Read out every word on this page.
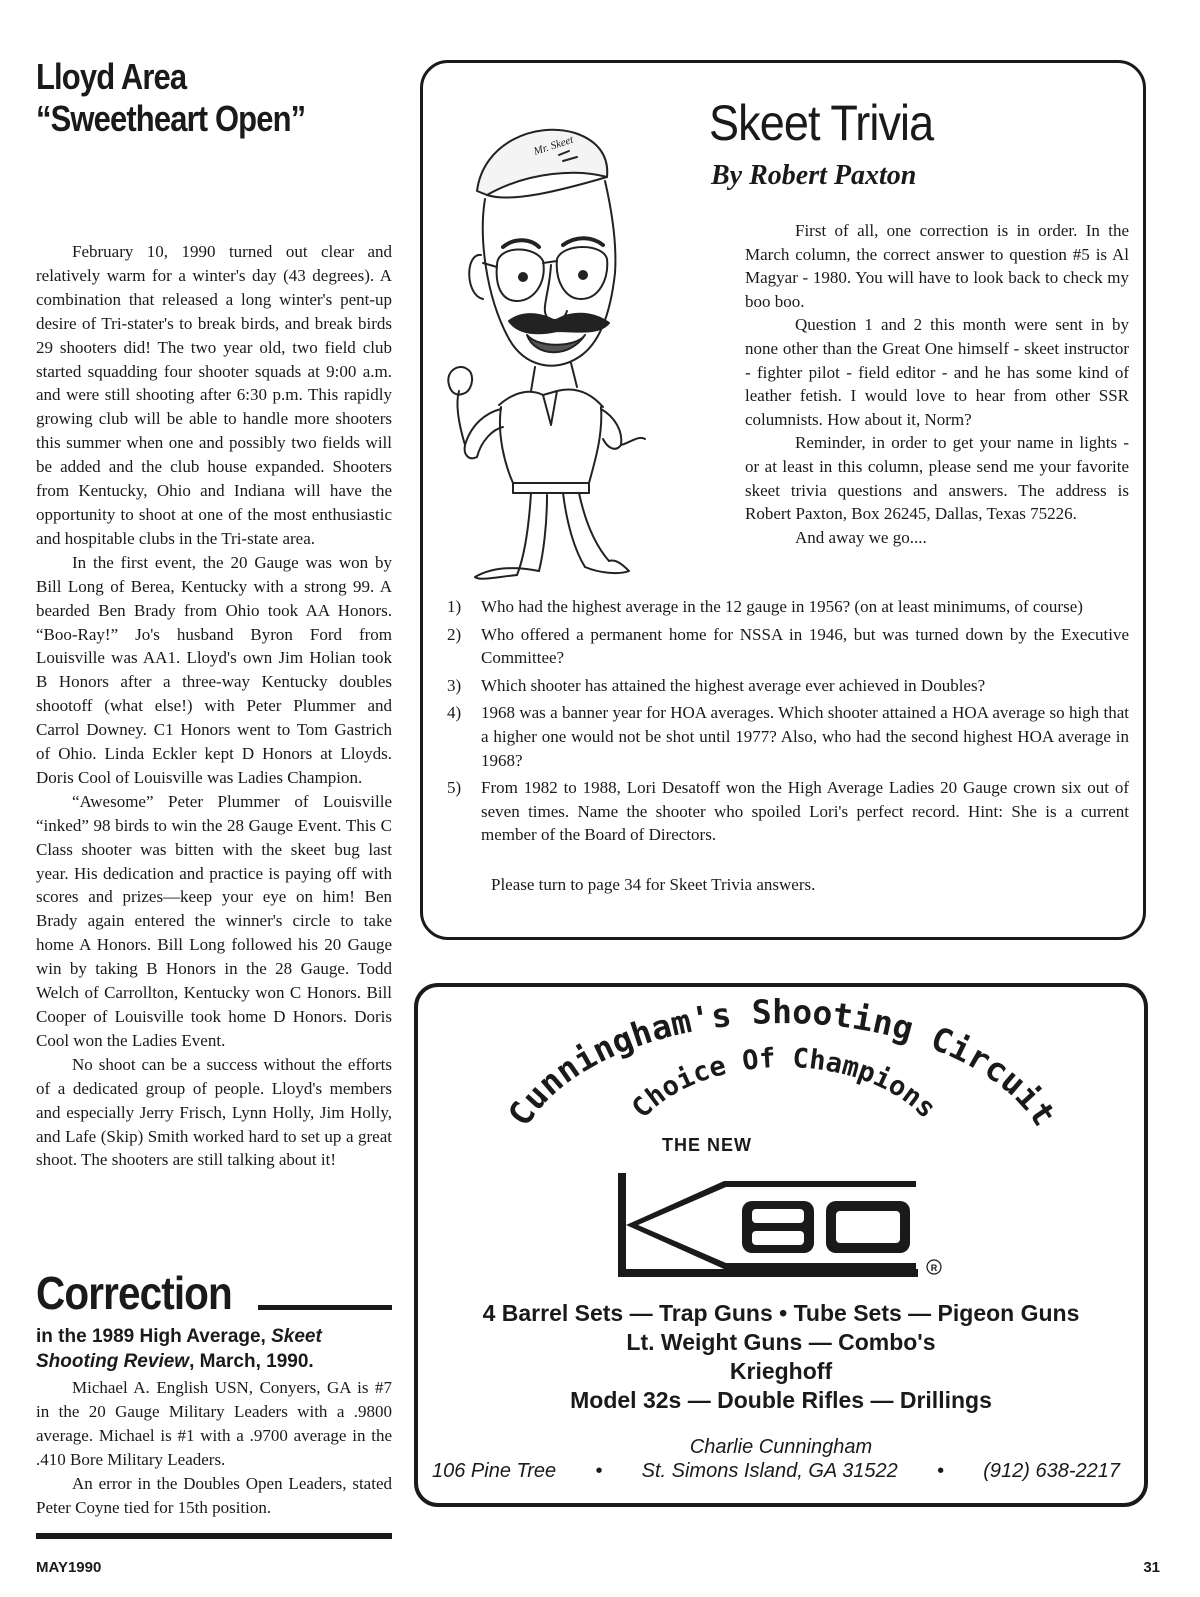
Lloyd Area
“Sweetheart Open”

February 10, 1990 turned out clear and relatively warm for a winter's day (43 degrees). A combination that released a long winter's pent-up desire of Tri-stater's to break birds, and break birds 29 shooters did! The two year old, two field club started squadding four shooter squads at 9:00 a.m. and were still shooting after 6:30 p.m. This rapidly growing club will be able to handle more shooters this summer when one and possibly two fields will be added and the club house expanded. Shooters from Kentucky, Ohio and Indiana will have the opportunity to shoot at one of the most enthusiastic and hospitable clubs in the Tri-state area.

In the first event, the 20 Gauge was won by Bill Long of Berea, Kentucky with a strong 99. A bearded Ben Brady from Ohio took AA Honors. “Boo-Ray!” Jo's husband Byron Ford from Louisville was AA1. Lloyd's own Jim Holian took B Honors after a three-way Kentucky doubles shootoff (what else!) with Peter Plummer and Carrol Downey. C1 Honors went to Tom Gastrich of Ohio. Linda Eckler kept D Honors at Lloyds. Doris Cool of Louisville was Ladies Champion.

“Awesome” Peter Plummer of Louisville “inked” 98 birds to win the 28 Gauge Event. This C Class shooter was bitten with the skeet bug last year. His dedication and practice is paying off with scores and prizes—keep your eye on him! Ben Brady again entered the winner's circle to take home A Honors. Bill Long followed his 20 Gauge win by taking B Honors in the 28 Gauge. Todd Welch of Carrollton, Kentucky won C Honors. Bill Cooper of Louisville took home D Honors. Doris Cool won the Ladies Event.

No shoot can be a success without the efforts of a dedicated group of people. Lloyd's members and especially Jerry Frisch, Lynn Holly, Jim Holly, and Lafe (Skip) Smith worked hard to set up a great shoot. The shooters are still talking about it!

Correction
in the 1989 High Average, Skeet Shooting Review, March, 1990.

Michael A. English USN, Conyers, GA is #7 in the 20 Gauge Military Leaders with a .9800 average. Michael is #1 with a .9700 average in the .410 Bore Military Leaders.

An error in the Doubles Open Leaders, stated Peter Coyne tied for 15th position.

Mr. Skeet	Skeet Trivia
By Robert Paxton

First of all, one correction is in order. In the March column, the correct answer to question #5 is Al Magyar - 1980. You will have to look back to check my boo boo.

Question 1 and 2 this month were sent in by none other than the Great One himself - skeet instructor - fighter pilot - field editor - and he has some kind of leather fetish. I would love to hear from other SSR columnists. How about it, Norm?

Reminder, in order to get your name in lights - or at least in this column, please send me your favorite skeet trivia questions and answers. The address is Robert Paxton, Box 26245, Dallas, Texas 75226.

And away we go....

1)	Who had the highest average in the 12 gauge in 1956? (on at least minimums, of course)
2)	Who offered a permanent home for NSSA in 1946, but was turned down by the Executive Committee?
3)	Which shooter has attained the highest average ever achieved in Doubles?
4)	1968 was a banner year for HOA averages. Which shooter attained a HOA average so high that a higher one would not be shot until 1977? Also, who had the second highest HOA average in 1968?
5)	From 1982 to 1988, Lori Desatoff won the High Average Ladies 20 Gauge crown six out of seven times. Name the shooter who spoiled Lori's perfect record. Hint: She is a current member of the Board of Directors.
Please turn to page 34 for Skeet Trivia answers.
Cunningham's Shooting Circuit
Choice Of Champions
THE NEW
R
4 Barrel Sets — Trap Guns • Tube Sets — Pigeon Guns
Lt. Weight Guns — Combo's
Krieghoff
Model 32s — Double Rifles — Drillings
Charlie Cunningham
106 Pine Tree • St. Simons Island, GA 31522 • (912) 638-2217
MAY1990	31
